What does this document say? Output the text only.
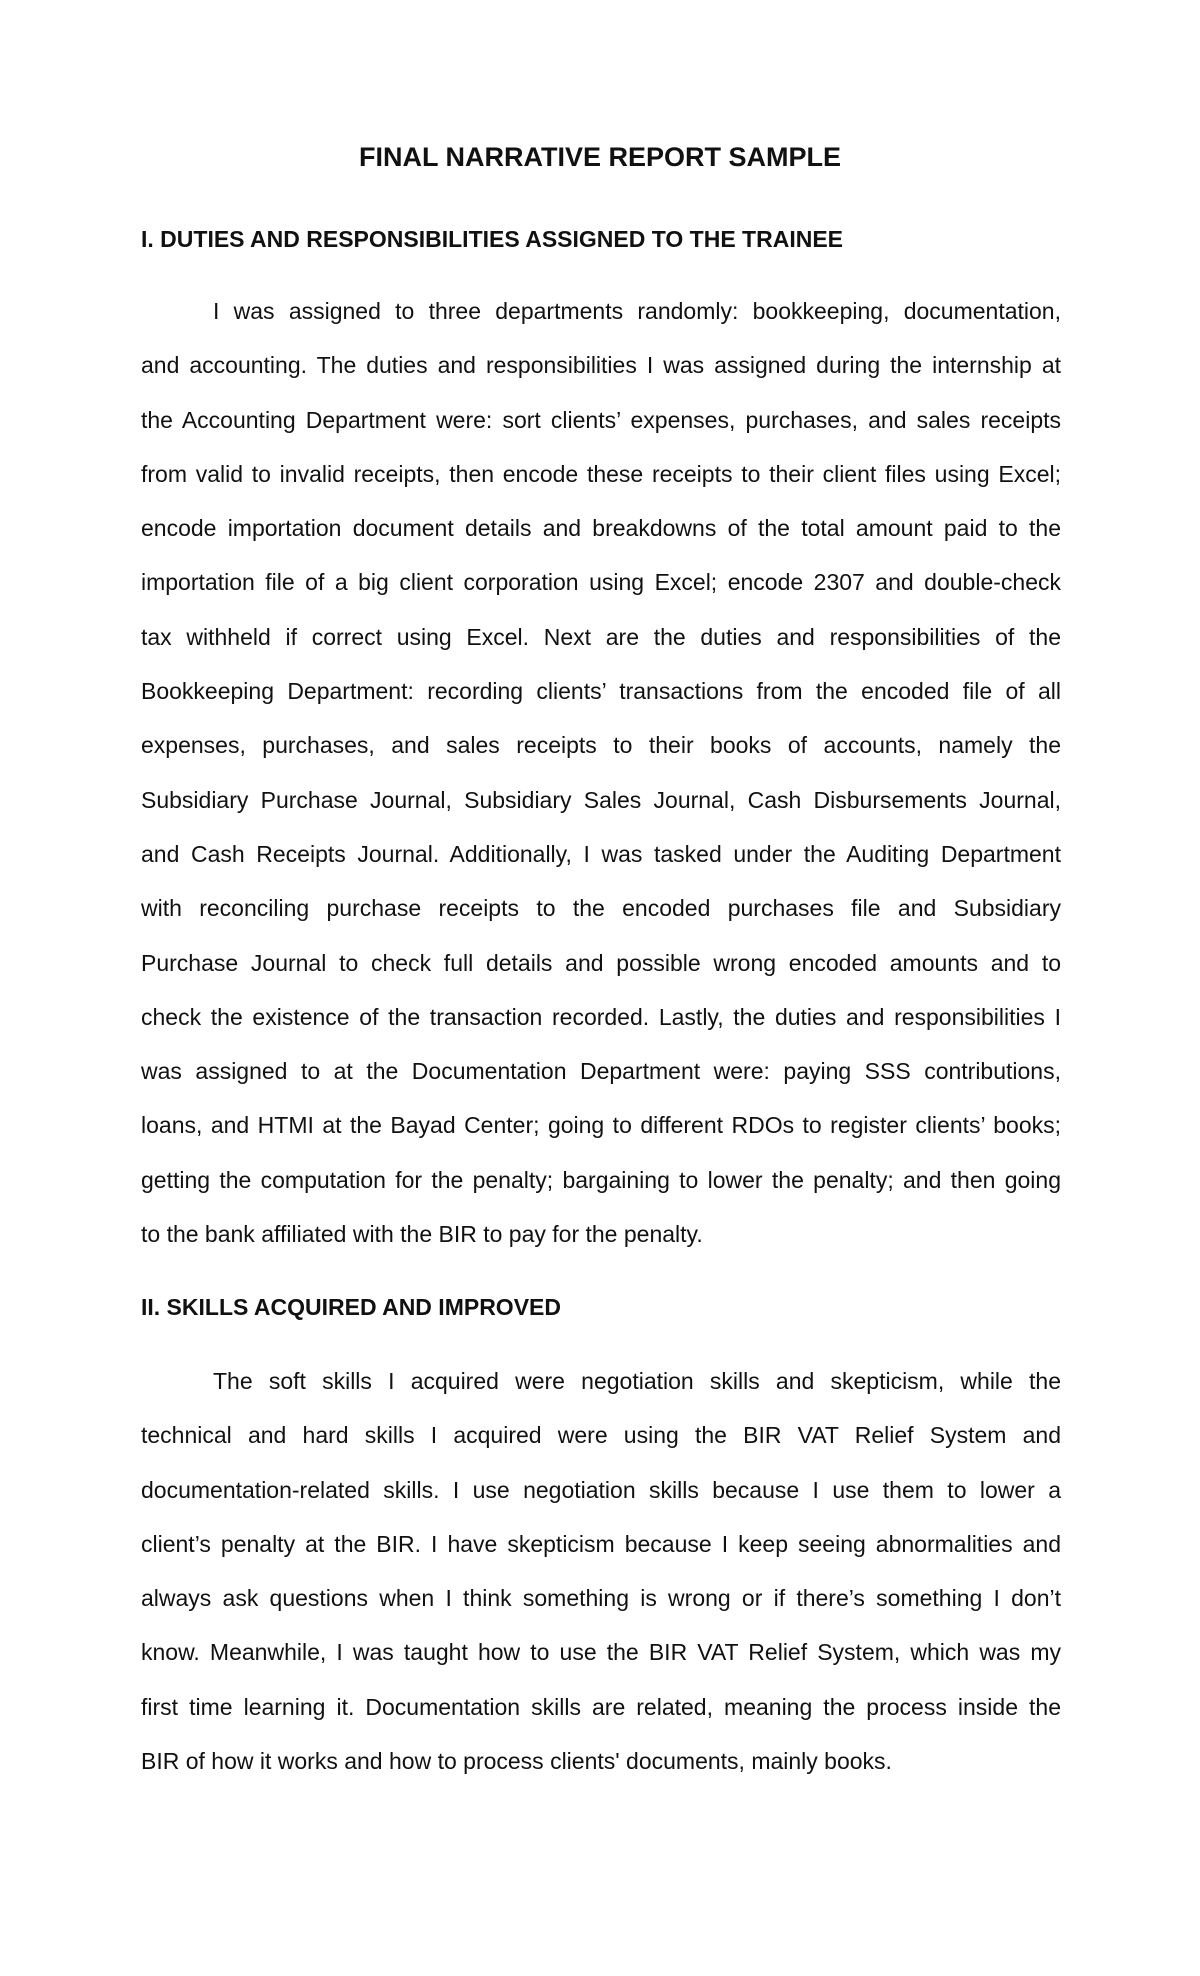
FINAL NARRATIVE REPORT SAMPLE
I. DUTIES AND RESPONSIBILITIES ASSIGNED TO THE TRAINEE
I was assigned to three departments randomly: bookkeeping, documentation,
and accounting. The duties and responsibilities I was assigned during the internship at
the Accounting Department were: sort clients’ expenses, purchases, and sales receipts
from valid to invalid receipts, then encode these receipts to their client files using Excel;
encode importation document details and breakdowns of the total amount paid to the
importation file of a big client corporation using Excel; encode 2307 and double-check
tax withheld if correct using Excel. Next are the duties and responsibilities of the
Bookkeeping Department: recording clients’ transactions from the encoded file of all
expenses, purchases, and sales receipts to their books of accounts, namely the
Subsidiary Purchase Journal, Subsidiary Sales Journal, Cash Disbursements Journal,
and Cash Receipts Journal. Additionally, I was tasked under the Auditing Department
with reconciling purchase receipts to the encoded purchases file and Subsidiary
Purchase Journal to check full details and possible wrong encoded amounts and to
check the existence of the transaction recorded. Lastly, the duties and responsibilities I
was assigned to at the Documentation Department were: paying SSS contributions,
loans, and HTMI at the Bayad Center; going to different RDOs to register clients’ books;
getting the computation for the penalty; bargaining to lower the penalty; and then going
to the bank affiliated with the BIR to pay for the penalty.
II. SKILLS ACQUIRED AND IMPROVED
The soft skills I acquired were negotiation skills and skepticism, while the
technical and hard skills I acquired were using the BIR VAT Relief System and
documentation-related skills. I use negotiation skills because I use them to lower a
client’s penalty at the BIR. I have skepticism because I keep seeing abnormalities and
always ask questions when I think something is wrong or if there’s something I don’t
know. Meanwhile, I was taught how to use the BIR VAT Relief System, which was my
first time learning it. Documentation skills are related, meaning the process inside the
BIR of how it works and how to process clients' documents, mainly books.
